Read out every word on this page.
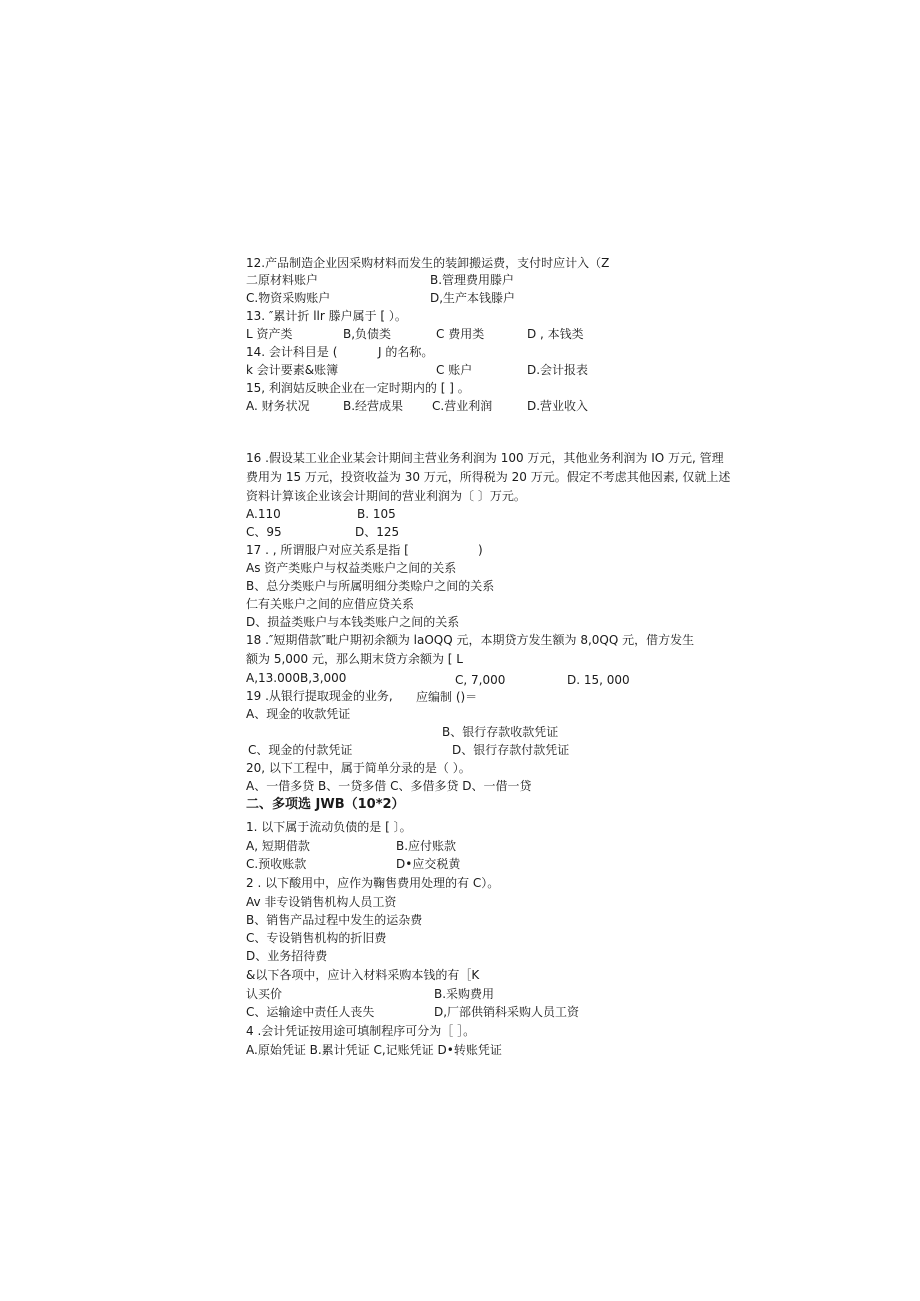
12.产品制造企业因采购材料而发生的装卸搬运费，支付时应计入（Z
二原材料账户	B.管理费用滕户
C.物资采购账户	D,生产本钱滕户
13. ″累计折 llr 滕户属于 [ ）。
L 资产类	B,负债类	C 费用类	D , 本钱类
14. 会计科目是 (	J 的名称。
k 会计要素&账簿	C 账户	D.会计报表
15, 利润姑反映企业在一定时期内的 [ ] 。
A. 财务状况	B.经营成果 C.营业利润	D.营业收入
16 .假设某工业企业某会计期间主营业务利润为 100 万元，其他业务利润为 IO 万元, 管理
费用为 15 万元，投资收益为 30 万元，所得税为 20 万元。假定不考虑其他因素, 仅就上述
资料计算该企业该会计期间的营业利润为〔 〕万元。
A.110	B. 105
C、95	D、125
17 . , 所谓服户对应关系是指 [	)
As 资产类账户与权益类账户之间的关系
B、总分类账户与所属明细分类赊户之间的关系
仁有关账户之间的应借应贷关系
D、损益类账户与本钱类账户之间的关系
18 .″短期借款″毗户期初余额为 laOQQ 元，本期贷方发生额为 8,0QQ 元，借方发生
额为 5,000 元，那么期末贷方余额为 [ L
A,13.000B,3,000	C, 7,000	D. 15, 000
19 .从银行提取现金的业务, 应编制 ()＝
A、现金的收款凭证
B、银行存款收款凭证
C、现金的付款凭证	D、银行存款付款凭证
20, 以下工程中，属于简单分录的是（ ）。
A、一借多贷 B、一贷多借 C、多借多贷 D、一借一贷
二、多项选 JWB（10*2）
1. 以下属于流动负债的是 [ 〕。
A, 短期借款	B.应付账款
C.预收账款	D•应交税黄
2 . 以下酸用中，应作为鞠售费用处理的有 C）。
Av 非专设销售机构人员工资
B、销售产品过程中发生的运杂费
C、专设销售机构的折旧费
D、业务招待费
&以下各项中，应计入材料采购本钱的有［K
认买价	B.采购费用
C、运输途中责任人丧失	D,厂部供销科采购人员工资
4 .会计凭证按用途可填制程序可分为［ ］。
A.原始凭证 B.累计凭证 C,记账凭证 D•转账凭证
